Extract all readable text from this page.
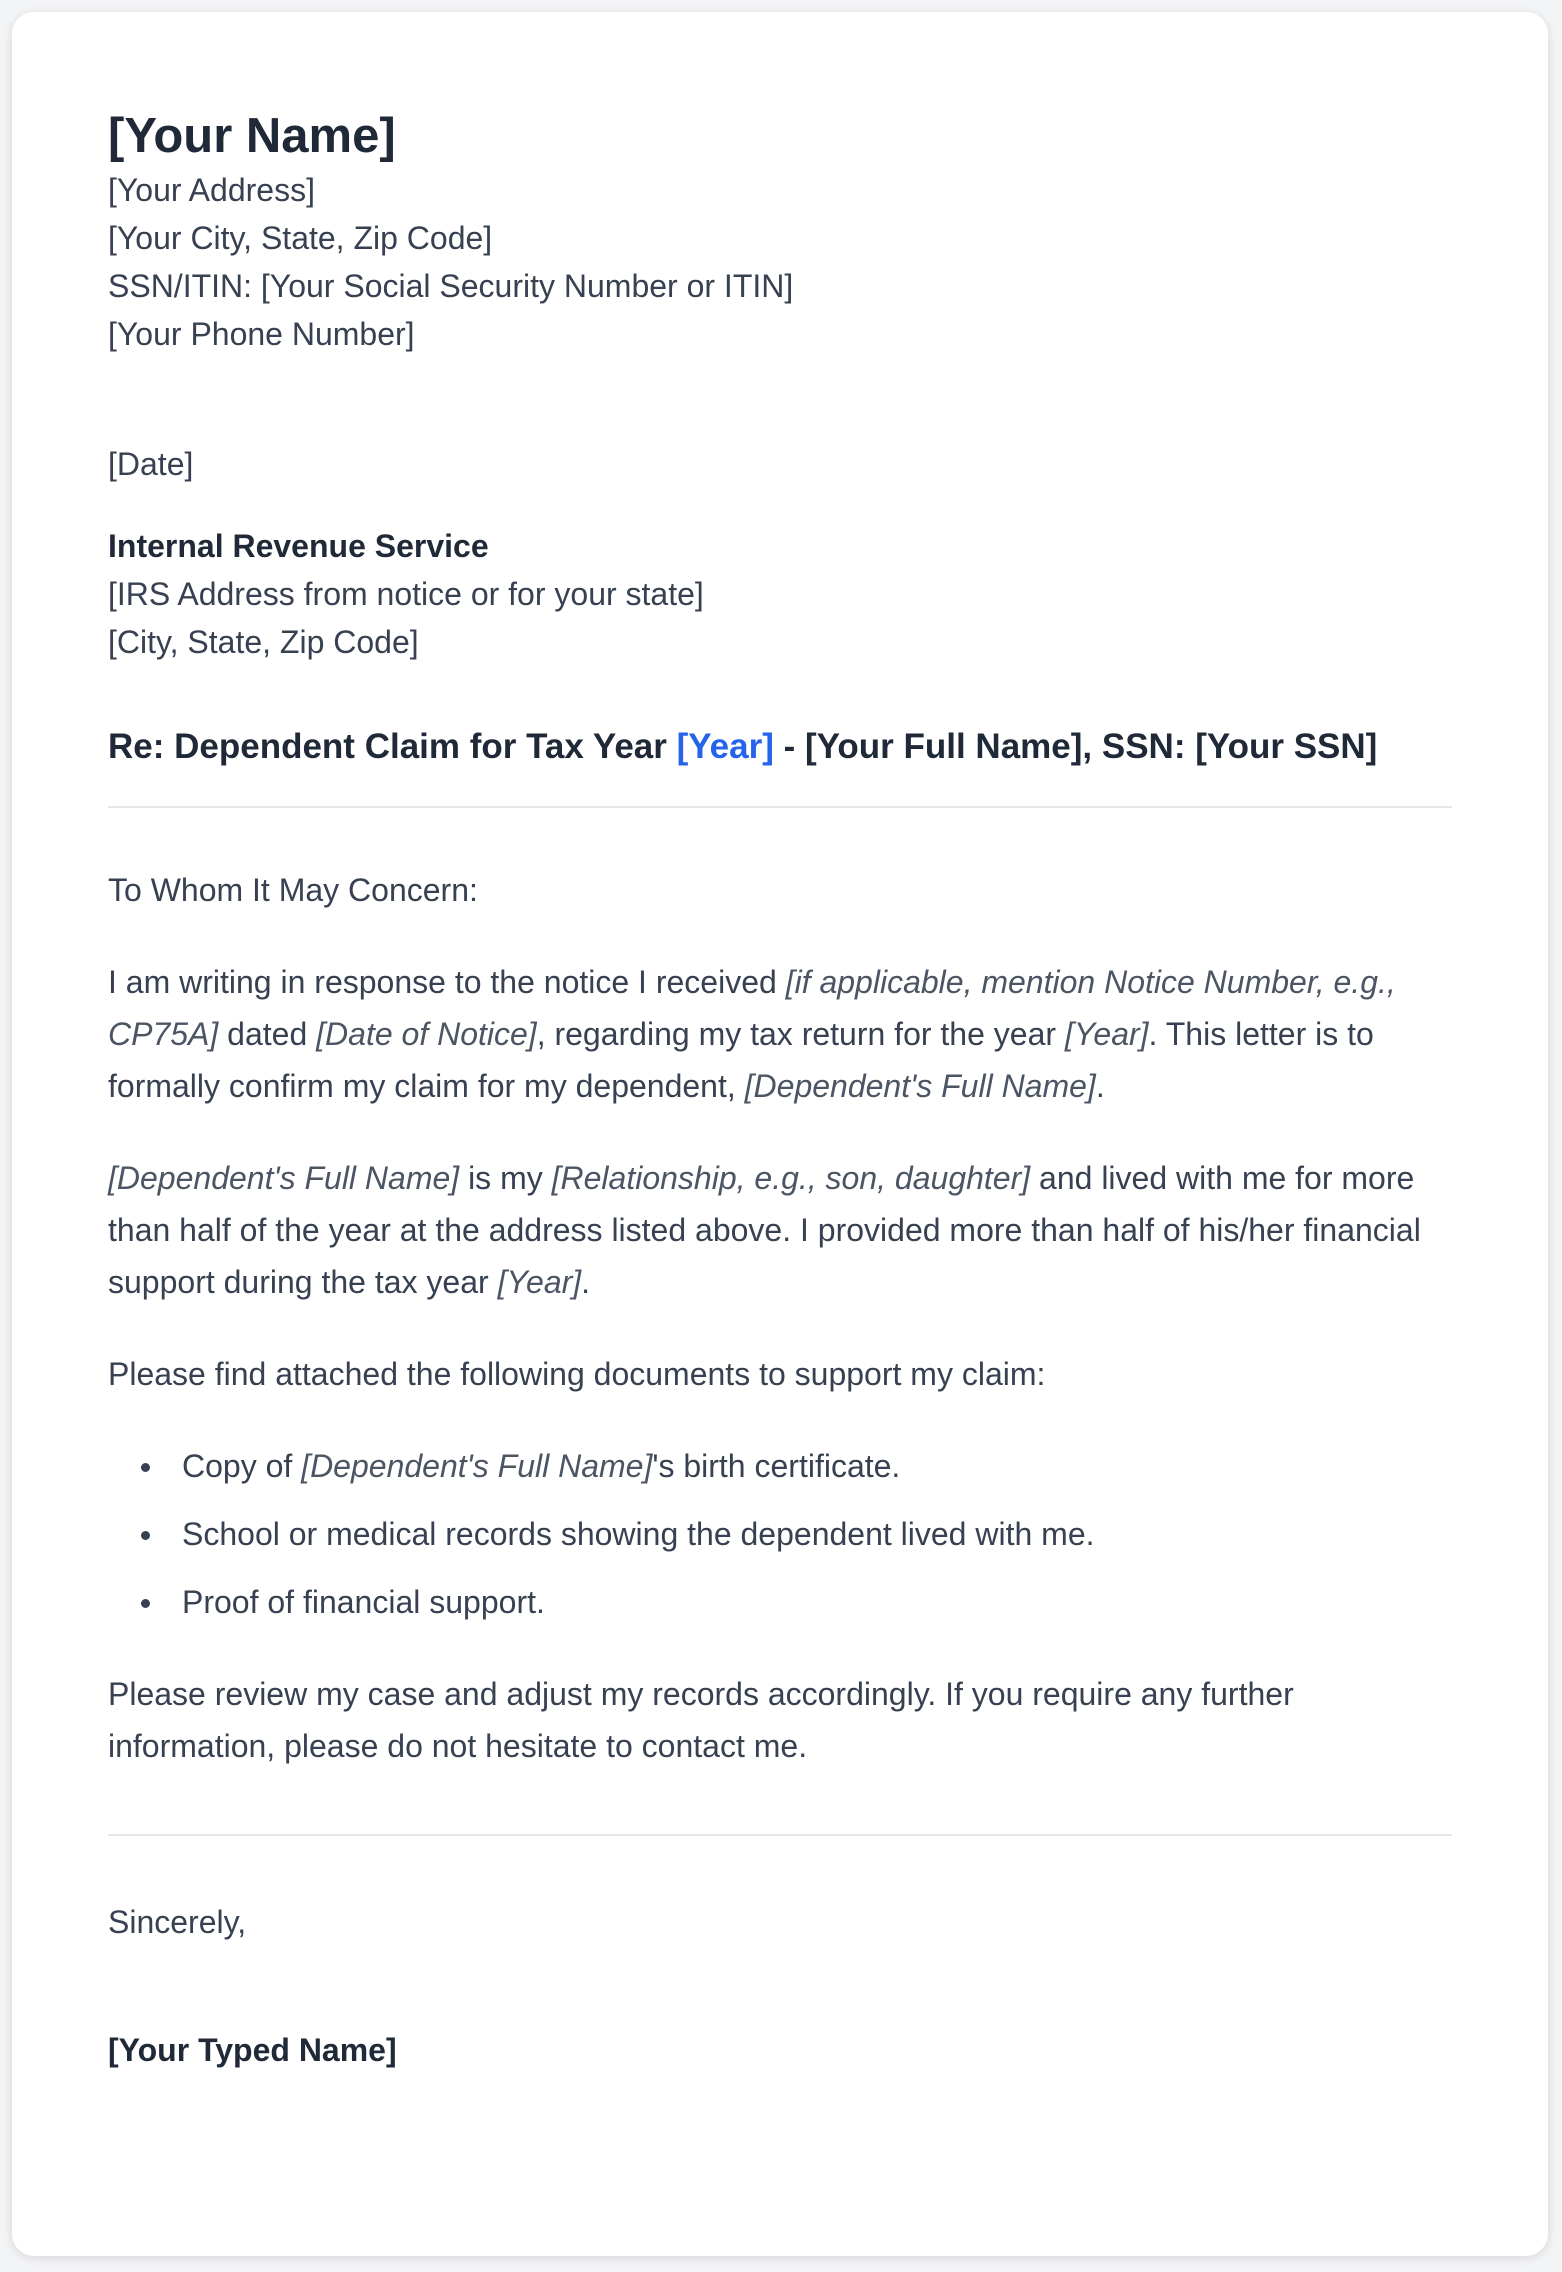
[Your Name]
[Your Address]
[Your City, State, Zip Code]
SSN/ITIN: [Your Social Security Number or ITIN]
[Your Phone Number]
[Date]
Internal Revenue Service
[IRS Address from notice or for your state]
[City, State, Zip Code]
Re: Dependent Claim for Tax Year [Year] - [Your Full Name], SSN: [Your SSN]

To Whom It May Concern:

I am writing in response to the notice I received [if applicable, mention Notice Number, e.g., CP75A] dated [Date of Notice], regarding my tax return for the year [Year]. This letter is to formally confirm my claim for my dependent, [Dependent's Full Name].

[Dependent's Full Name] is my [Relationship, e.g., son, daughter] and lived with me for more than half of the year at the address listed above. I provided more than half of his/her financial support during the tax year [Year].

Please find attached the following documents to support my claim:

Copy of [Dependent's Full Name]'s birth certificate.
School or medical records showing the dependent lived with me.
Proof of financial support.

Please review my case and adjust my records accordingly. If you require any further information, please do not hesitate to contact me.

Sincerely,
[Your Typed Name]
